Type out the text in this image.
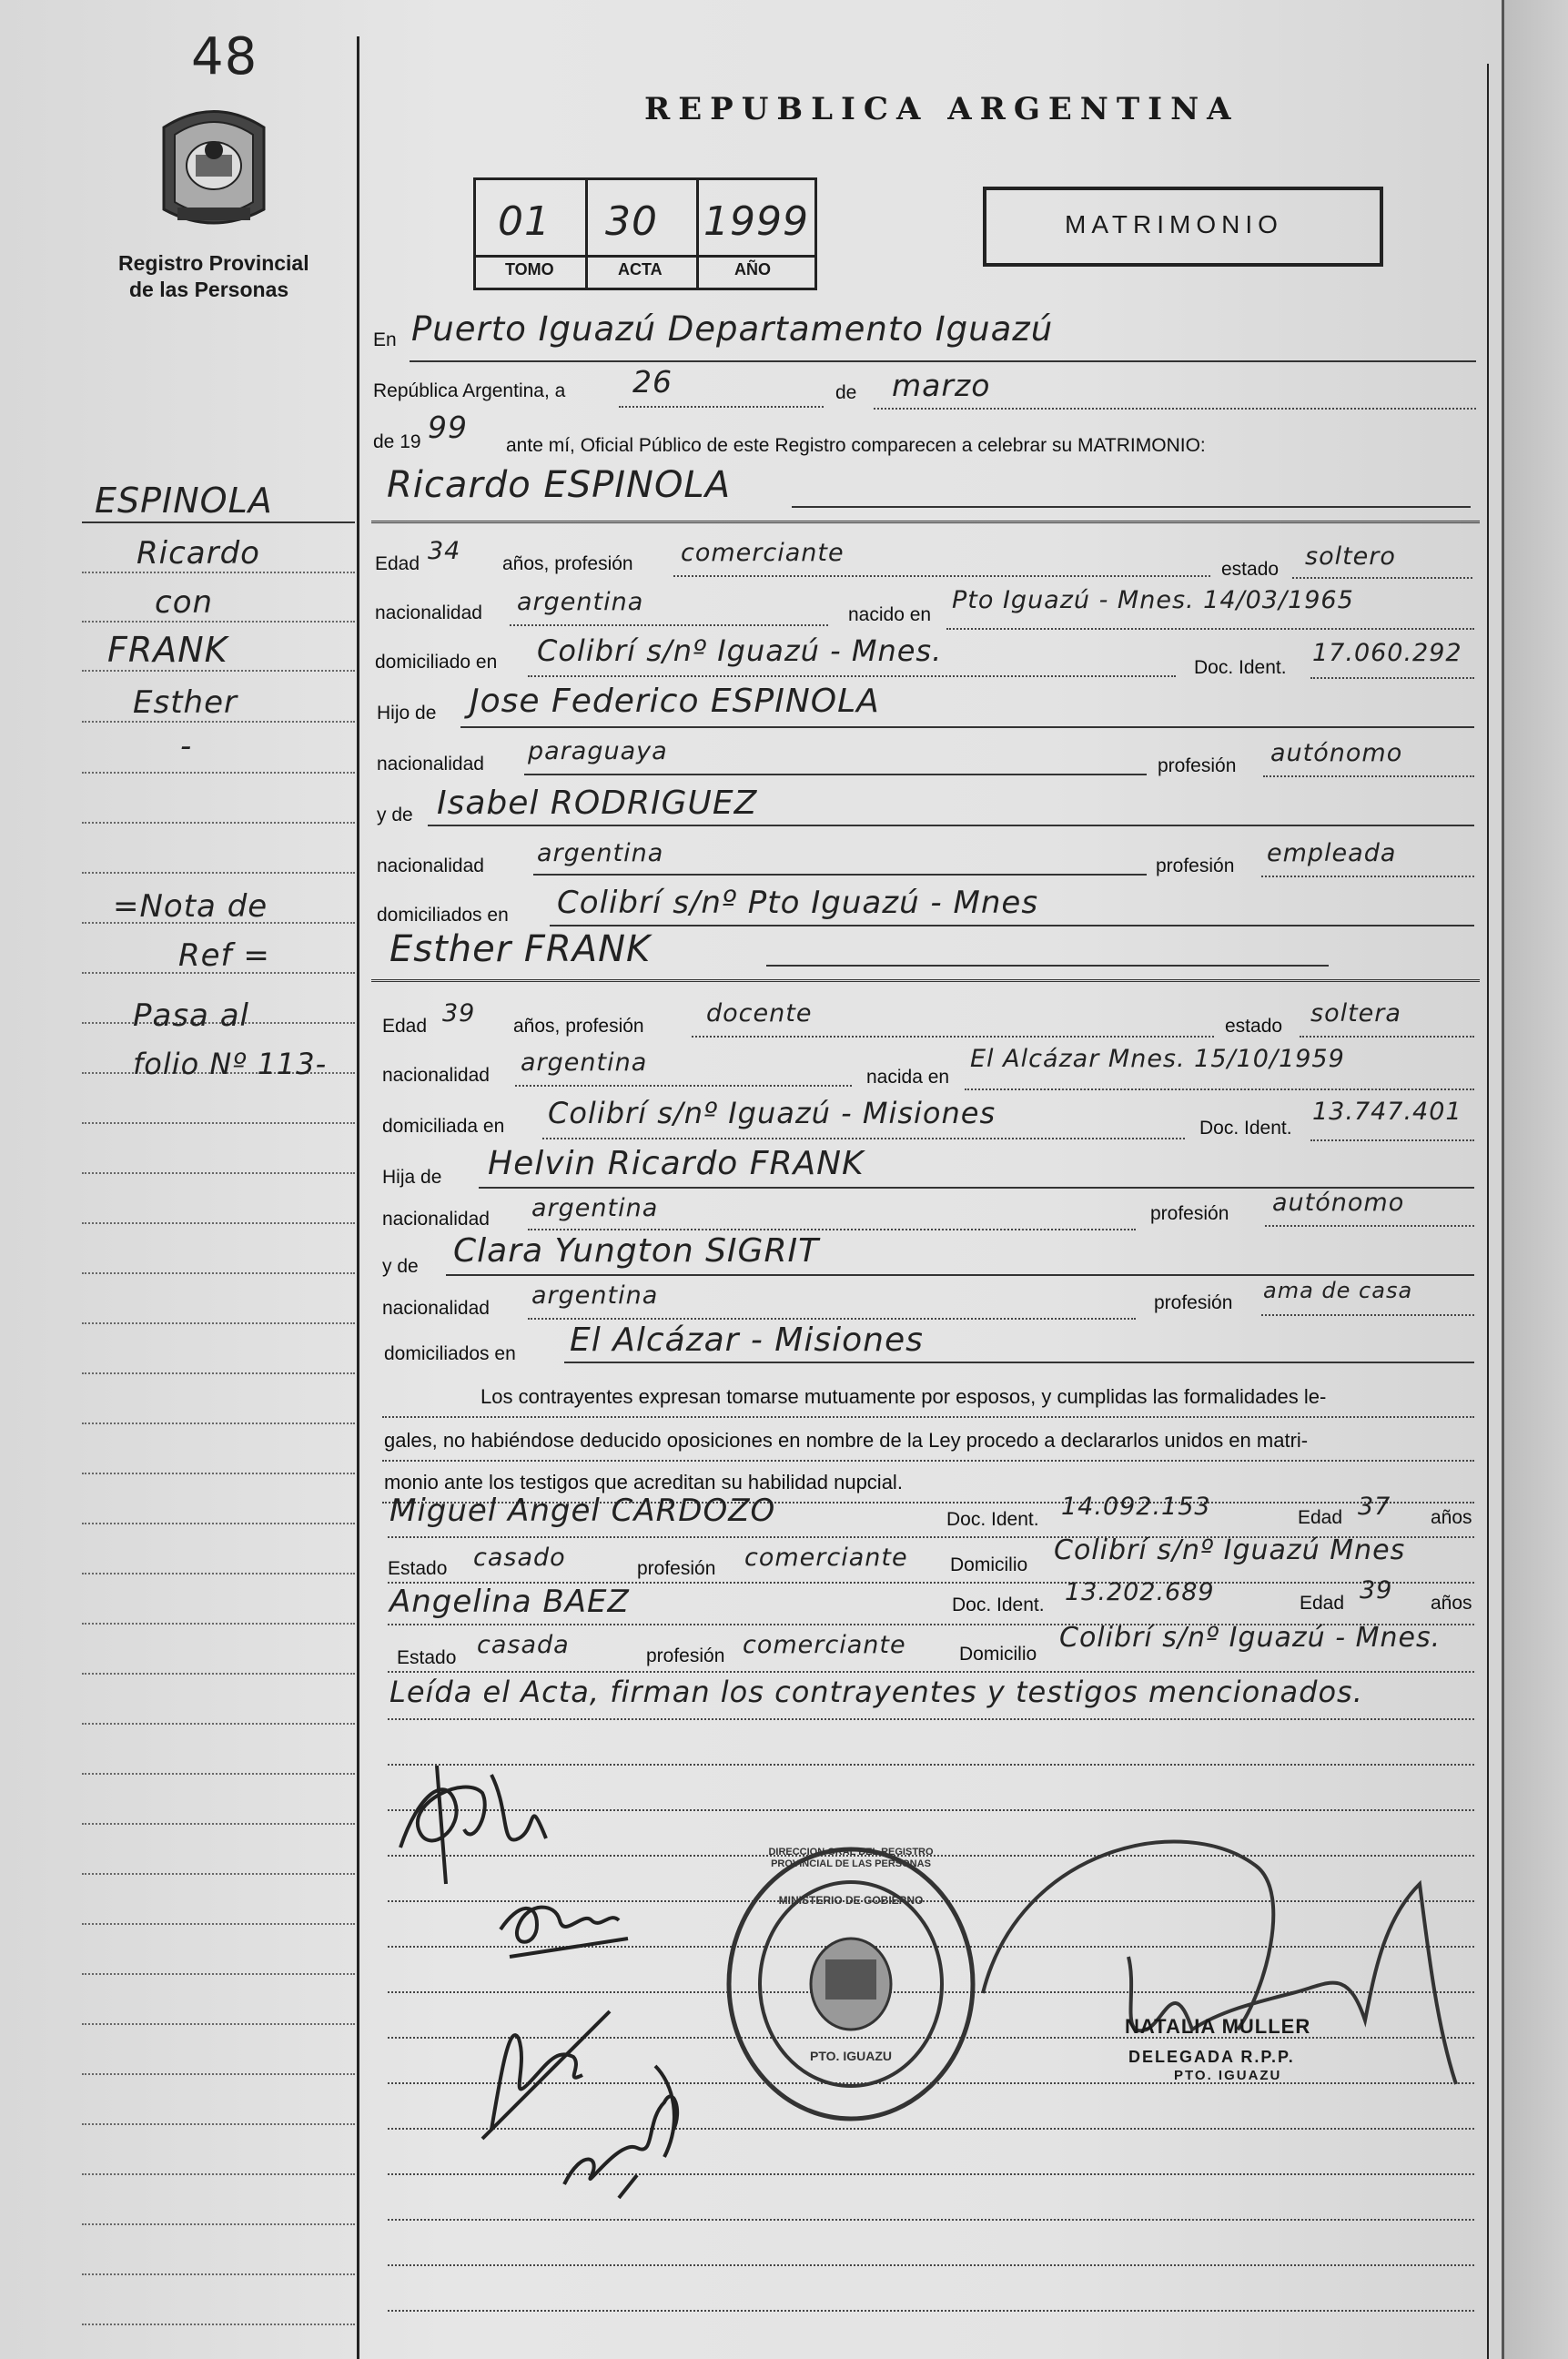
48
Registro Provincial
de las Personas
ESPINOLA
Ricardo
con
FRANK
Esther
-
=Nota de
Ref =
Pasa al
folio Nº 113-
REPUBLICA ARGENTINA
01 30 1999
TOMO	ACTA	AÑO
MATRIMONIO
En Puerto Iguazú Departamento Iguazú
República Argentina, a 26	de marzo
de 19 99
ante mí, Oficial Público de este Registro comparecen a celebrar su MATRIMONIO:
Ricardo ESPINOLA
Edad 34 años, profesión comerciante
estado soltero
nacionalidad argentina	nacido en
Pto Iguazú - Mnes. 14/03/1965
domiciliado en Colibrí s/nº Iguazú - Mnes.	Doc. Ident.
17.060.292
Hijo de Jose Federico ESPINOLA
nacionalidad paraguaya
profesión autónomo
y de Isabel RODRIGUEZ
nacionalidad argentina	profesión empleada
domiciliados en Colibrí s/nº Pto Iguazú - Mnes
Esther FRANK
Edad 39 años, profesión	docente	estado soltera
nacionalidad argentina
nacida en
El Alcázar Mnes. 15/10/1959
domiciliada en Colibrí s/nº Iguazú - Misiones	Doc. Ident.
13.747.401
Hija de Helvin Ricardo FRANK
nacionalidad argentina	profesión autónomo
y de Clara Yungton SIGRIT
nacionalidad argentina	profesión ama de casa
domiciliados en El Alcázar - Misiones
Los contrayentes expresan tomarse mutuamente por esposos, y cumplidas las formalidades le-
gales, no habiéndose deducido oposiciones en nombre de la Ley procedo a declararlos unidos en matri-
monio ante los testigos que acreditan su habilidad nupcial.
Miguel Angel CARDOZO	Doc. Ident. 14.092.153	Edad 37 años
Estado casado	profesión comerciante Domicilio Colibrí s/nº Iguazú Mnes
Angelina BAEZ	Doc. Ident. 13.202.689	Edad 39 años
Estado casada	profesión comerciante	Domicilio
Colibrí s/nº Iguazú - Mnes.
Leída el Acta, firman los contrayentes y testigos mencionados.
DIRECCION GRAL DEL REGISTRO PROVINCIAL DE LAS PERSONAS
MINISTERIO DE GOBIERNO
PTO. IGUAZU
NATALIA MULLER
DELEGADA R.P.P.
PTO. IGUAZU
